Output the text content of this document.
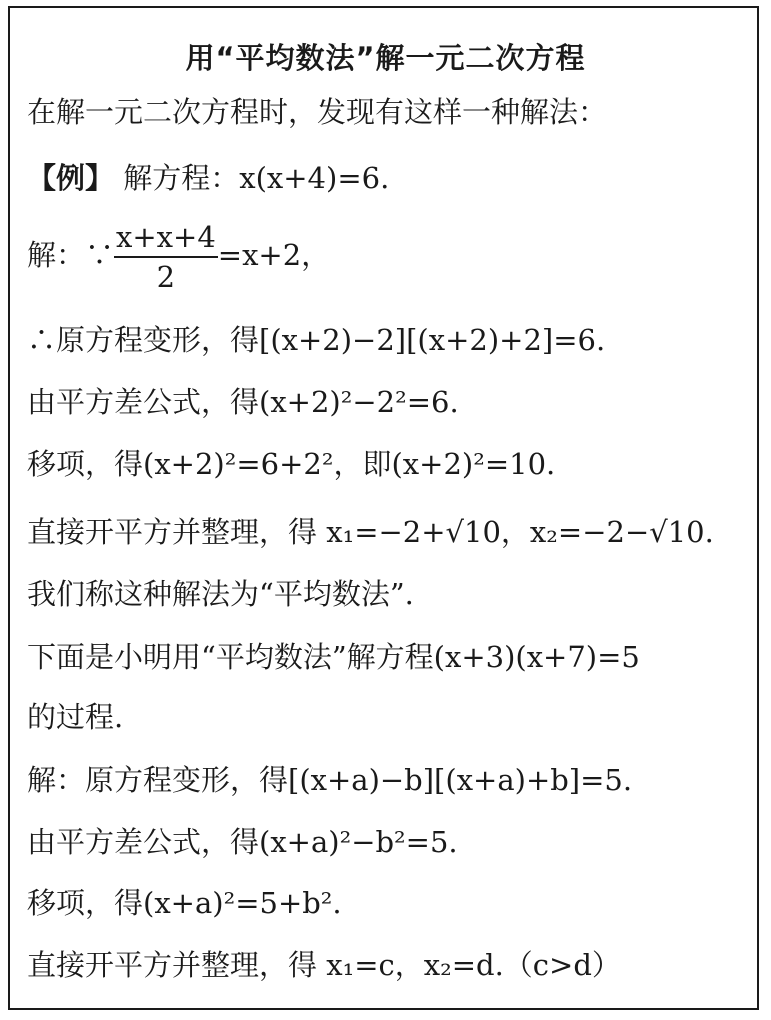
用“平均数法”解一元二次方程
在解一元二次方程时，发现有这样一种解法：
【例】 解方程：x(x+4)=6.
解：∵ $\frac{x+x+4}{2} =x+2$，
∴原方程变形，得[(x+2)−2][(x+2)+2]=6.
由平方差公式，得(x+2)²−2²=6.
移项，得(x+2)²=6+2²，即(x+2)²=10.
直接开平方并整理，得 x₁=−2+√10，x₂=−2−√10.
我们称这种解法为“平均数法”.
下面是小明用“平均数法”解方程(x+3)(x+7)=5
的过程.
解：原方程变形，得[(x+a)−b][(x+a)+b]=5.
由平方差公式，得(x+a)²−b²=5.
移项，得(x+a)²=5+b².
直接开平方并整理，得 x₁=c，x₂=d.（c>d）
